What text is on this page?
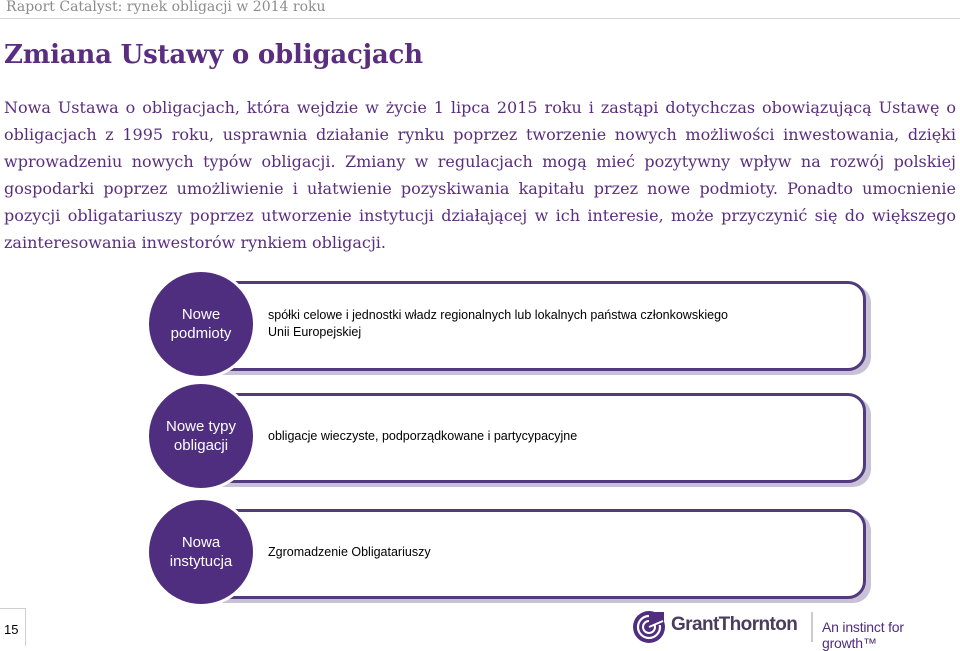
Raport Catalyst: rynek obligacji w 2014 roku
Zmiana Ustawy o obligacjach

Nowa Ustawa o obligacjach, która wejdzie w życie 1 lipca 2015 roku i zastąpi dotychczas obowiązującą Ustawę o obligacjach z 1995 roku, usprawnia działanie rynku poprzez tworzenie nowych możliwości inwestowania, dzięki wprowadzeniu nowych typów obligacji. Zmiany w regulacjach mogą mieć pozytywny wpływ na rozwój polskiej gospodarki poprzez umożliwienie i ułatwienie pozyskiwania kapitału przez nowe podmioty. Ponadto umocnienie pozycji obligatariuszy poprzez utworzenie instytucji działającej w ich interesie, może przyczynić się do większego zainteresowania inwestorów rynkiem obligacji.

Nowe podmioty
spółki celowe i jednostki władz regionalnych lub lokalnych państwa członkowskiego Unii Europejskiej
Nowe typy obligacji
obligacje wieczyste, podporządkowane i partycypacyjne
Nowa instytucja
Zgromadzenie Obligatariuszy
15	GrantThornton An instinct for growth™
